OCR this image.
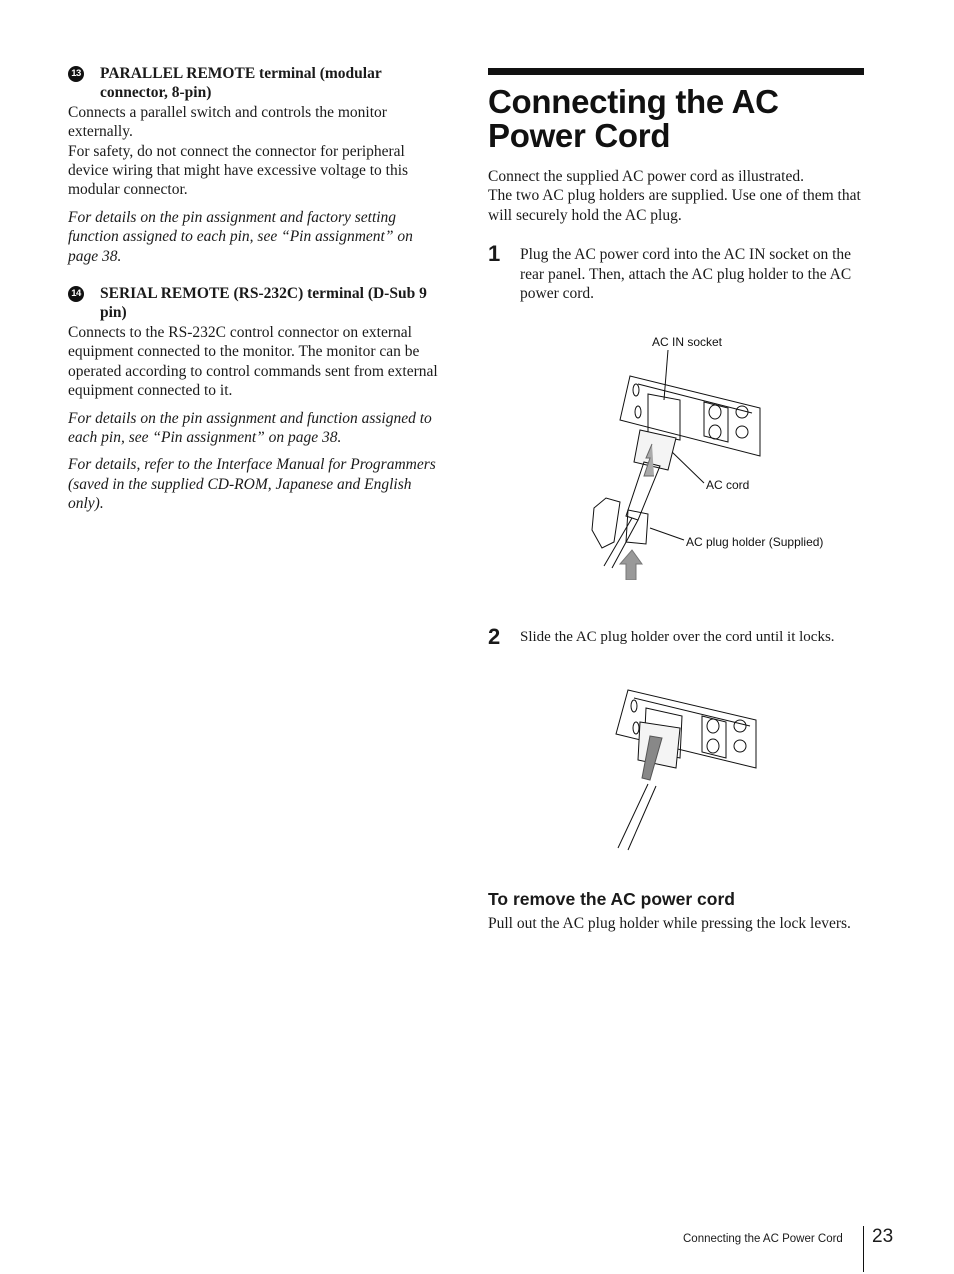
13 PARALLEL REMOTE terminal (modular connector, 8-pin)

Connects a parallel switch and controls the monitor externally.

For safety, do not connect the connector for peripheral device wiring that might have excessive voltage to this modular connector.

For details on the pin assignment and factory setting function assigned to each pin, see “Pin assignment” on page 38.

14 SERIAL REMOTE (RS-232C) terminal (D-Sub 9 pin)

Connects to the RS-232C control connector on external equipment connected to the monitor. The monitor can be operated according to control commands sent from external equipment connected to it.

For details on the pin assignment and function assigned to each pin, see “Pin assignment” on page 38.

For details, refer to the Interface Manual for Programmers (saved in the supplied CD-ROM, Japanese and English only).

Connecting the AC Power Cord

Connect the supplied AC power cord as illustrated.

The two AC plug holders are supplied. Use one of them that will securely hold the AC plug.

1 Plug the AC power cord into the AC IN socket on the rear panel. Then, attach the AC plug holder to the AC power cord.

AC IN socket
AC cord
AC plug holder (Supplied)
2 Slide the AC plug holder over the cord until it locks.

To remove the AC power cord

Pull out the AC plug holder while pressing the lock levers.

Connecting the AC Power Cord 23
